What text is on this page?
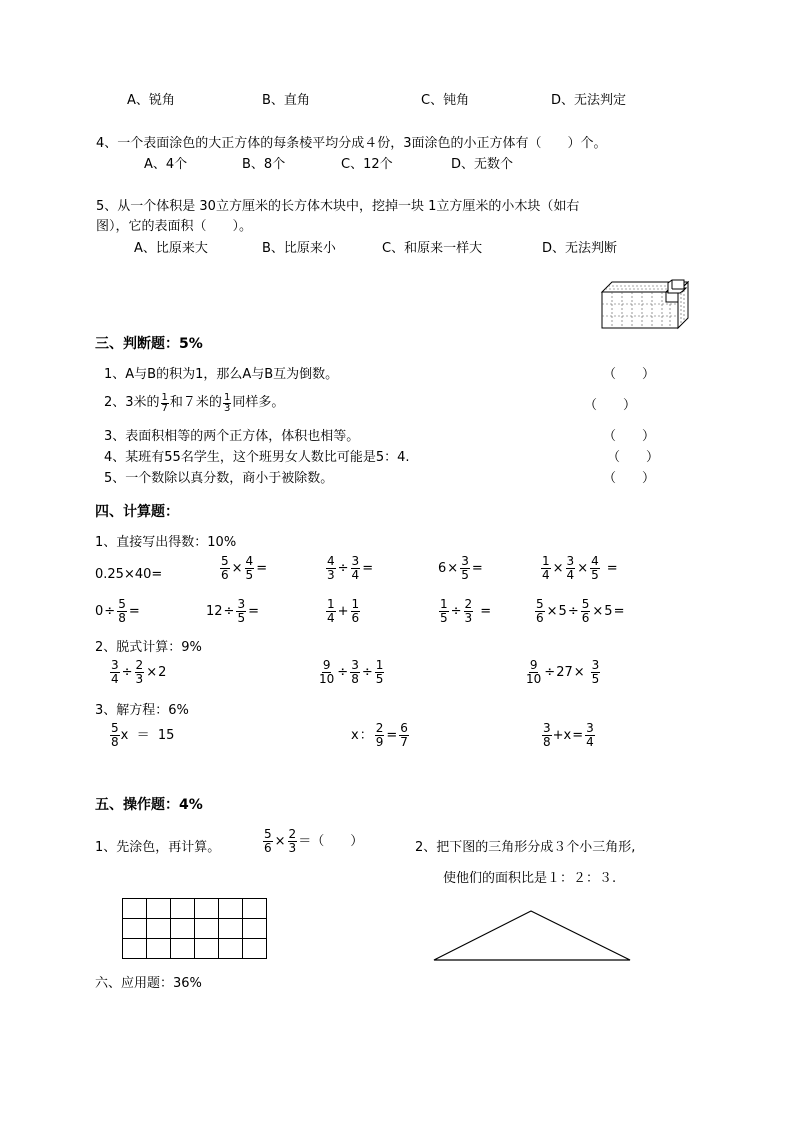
A、锐角	B、直角	C、钝角	D、无法判定
4、一个表面涂色的大正方体的每条棱平均分成４份，3面涂色的小正方体有（　　）个。
A、4个	B、8个	C、12个	D、无数个
5、从一个体积是 30立方厘米的长方体木块中，挖掉一块 1立方厘米的小木块（如右
图），它的表面积（　　）。
A、比原来大	B、比原来小	C、和原来一样大	D、无法判断
三、判断题：5%
1、A与B的积为1，那么A与B互为倒数。	（　　）
2、3米的 $\frac{1}{7}$ 和７米的 $\frac{1}{3}$ 同样多。	（　　）
3、表面积相等的两个正方体，体积也相等。	（　　）
4、某班有55名学生，这个班男女人数比可能是5：4.	（　　）
5、一个数除以真分数，商小于被除数。	（　　）
四、计算题：
1、直接写出得数：10%
0.25×40=	$\frac{5}{6} \times \frac{4}{5}$ =	$\frac{4}{3} \div \frac{3}{4}$ =	$6 \times \frac{3}{5}$ =	$\frac{1}{4} \times \frac{3}{4} \times \frac{4}{5}$ =
$0 \div \frac{5}{8}$ =	$12 \div \frac{3}{5}$ =	$\frac{1}{4} + \frac{1}{6}$	$\frac{1}{5} \div \frac{2}{3}$ =	$\frac{5}{6} \times 5 \div \frac{5}{6} \times 5$ =
2、脱式计算：9%
$\frac{3}{4} \div \frac{2}{3} \times 2$	$\frac{9}{10} \div \frac{3}{8} \div \frac{1}{5}$	$\frac{9}{10} \div 27 \times \frac{3}{5}$
3、解方程：6%
$\frac{5}{8}$ x  ＝  15	x ： $\frac{2}{9} = \frac{6}{7}$	$\frac{3}{8} +x = \frac{3}{4}$
五、操作题：4%
1、先涂色，再计算。	$\frac{5}{6} \times \frac{2}{3}$ ＝（　　）	2、把下图的三角形分成３个小三角形,
使他们的面积比是１：２：３.
六、应用题：36%
